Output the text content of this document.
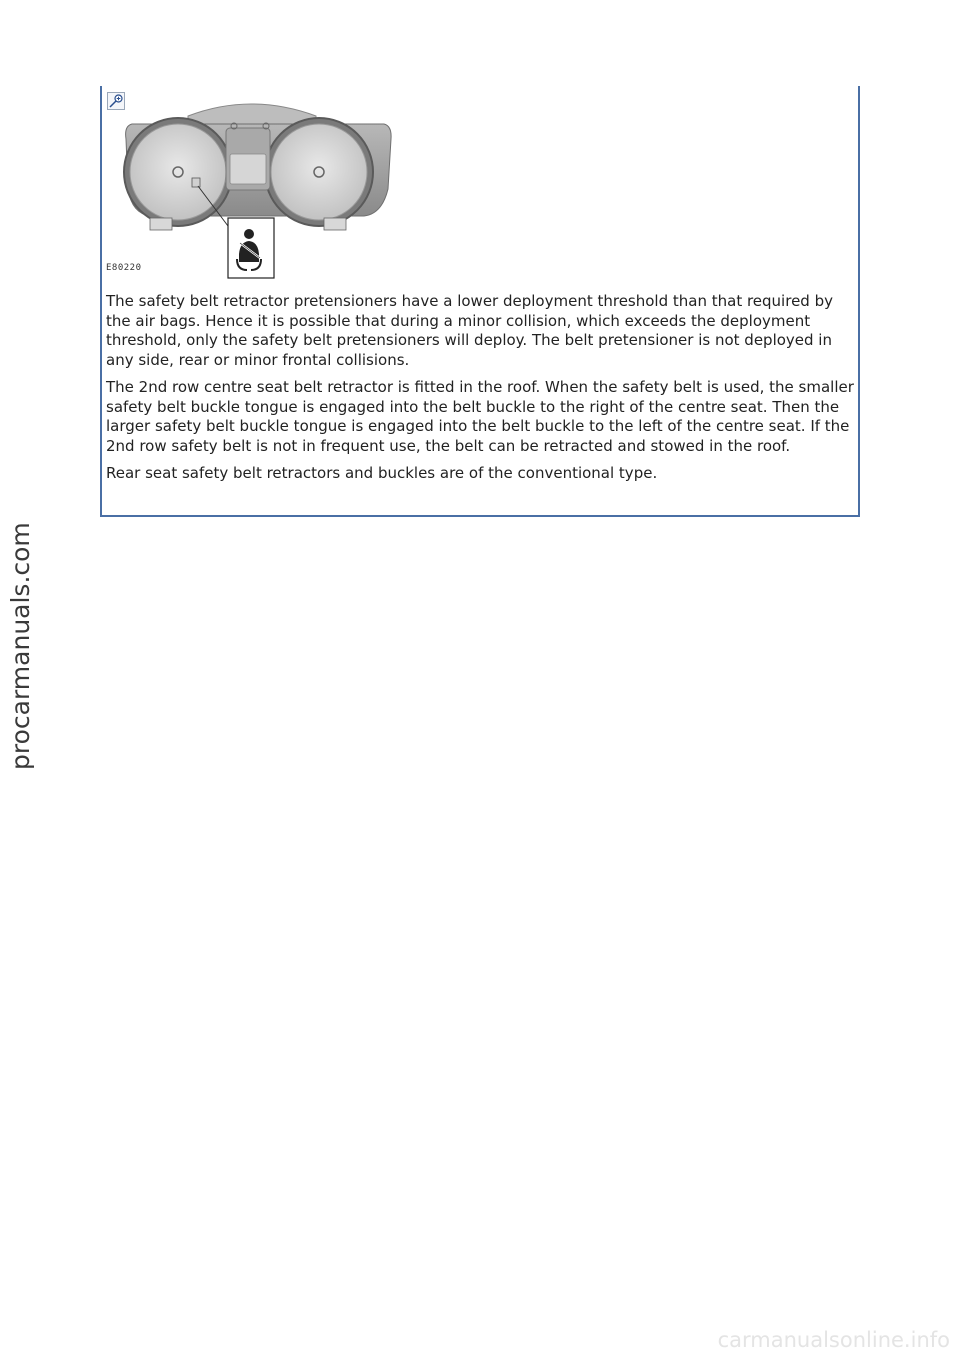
E80220

The safety belt retractor pretensioners have a lower deployment threshold than that required by the air bags. Hence it is possible that during a minor collision, which exceeds the deployment threshold, only the safety belt pretensioners will deploy. The belt pretensioner is not deployed in any side, rear or minor frontal collisions.

The 2nd row centre seat belt retractor is fitted in the roof. When the safety belt is used, the smaller safety belt buckle tongue is engaged into the belt buckle to the right of the centre seat. Then the larger safety belt buckle tongue is engaged into the belt buckle to the left of the centre seat. If the 2nd row safety belt is not in frequent use, the belt can be retracted and stowed in the roof.

Rear seat safety belt retractors and buckles are of the conventional type.

procarmanuals.com
carmanualsonline.info
